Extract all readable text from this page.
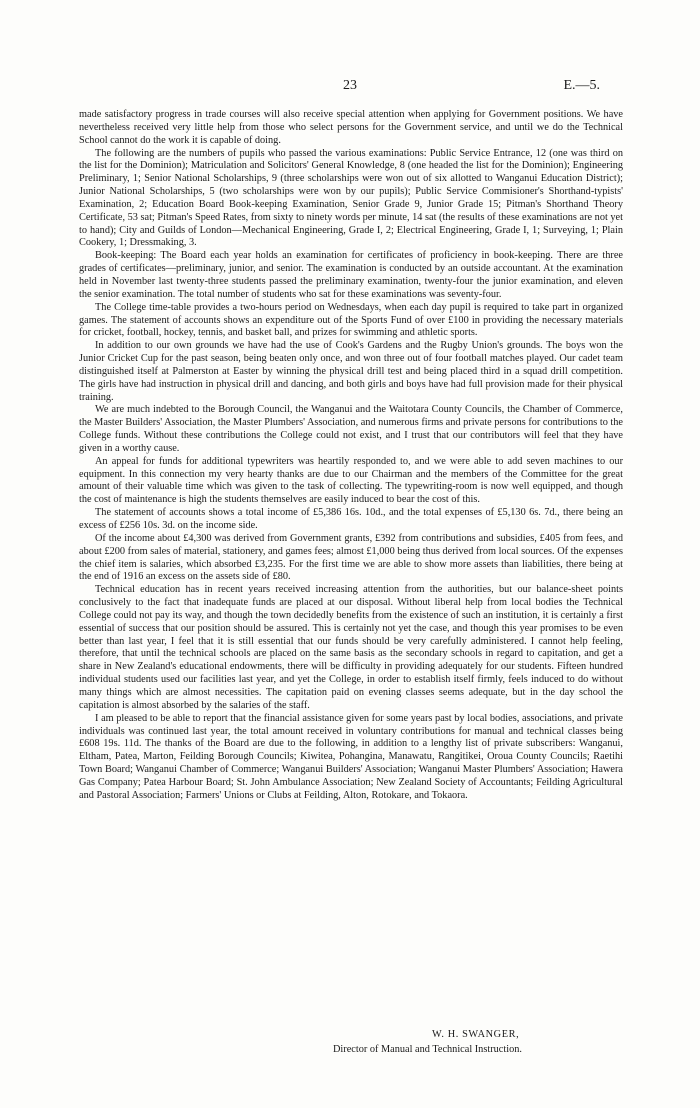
23	E.—5.

made satisfactory progress in trade courses will also receive special attention when applying for Government positions. We have nevertheless received very little help from those who select persons for the Government service, and until we do the Technical School cannot do the work it is capable of doing.

The following are the numbers of pupils who passed the various examinations: Public Service Entrance, 12 (one was third on the list for the Dominion); Matriculation and Solicitors' General Knowledge, 8 (one headed the list for the Dominion); Engineering Preliminary, 1; Senior National Scholarships, 9 (three scholarships were won out of six allotted to Wanganui Education District); Junior National Scholarships, 5 (two scholarships were won by our pupils); Public Service Commisioner's Shorthand-typists' Examination, 2; Education Board Book-keeping Examination, Senior Grade 9, Junior Grade 15; Pitman's Shorthand Theory Certificate, 53 sat; Pitman's Speed Rates, from sixty to ninety words per minute, 14 sat (the results of these examinations are not yet to hand); City and Guilds of London—Mechanical Engineering, Grade I, 2; Electrical Engineering, Grade I, 1; Surveying, 1; Plain Cookery, 1; Dressmaking, 3.

Book-keeping: The Board each year holds an examination for certificates of proficiency in book-keeping. There are three grades of certificates—preliminary, junior, and senior. The examination is conducted by an outside accountant. At the examination held in November last twenty-three students passed the preliminary examination, twenty-four the junior examination, and eleven the senior examination. The total number of students who sat for these examinations was seventy-four.

The College time-table provides a two-hours period on Wednesdays, when each day pupil is required to take part in organized games. The statement of accounts shows an expenditure out of the Sports Fund of over £100 in providing the necessary materials for cricket, football, hockey, tennis, and basket ball, and prizes for swimming and athletic sports.

In addition to our own grounds we have had the use of Cook's Gardens and the Rugby Union's grounds. The boys won the Junior Cricket Cup for the past season, being beaten only once, and won three out of four football matches played. Our cadet team distinguished itself at Palmerston at Easter by winning the physical drill test and being placed third in a squad drill competition. The girls have had instruction in physical drill and dancing, and both girls and boys have had full provision made for their physical training.

We are much indebted to the Borough Council, the Wanganui and the Waitotara County Councils, the Chamber of Commerce, the Master Builders' Association, the Master Plumbers' Association, and numerous firms and private persons for contributions to the College funds. Without these contributions the College could not exist, and I trust that our contributors will feel that they have given in a worthy cause.

An appeal for funds for additional typewriters was heartily responded to, and we were able to add seven machines to our equipment. In this connection my very hearty thanks are due to our Chairman and the members of the Committee for the great amount of their valuable time which was given to the task of collecting. The typewriting-room is now well equipped, and though the cost of maintenance is high the students themselves are easily induced to bear the cost of this.

The statement of accounts shows a total income of £5,386 16s. 10d., and the total expenses of £5,130 6s. 7d., there being an excess of £256 10s. 3d. on the income side.

Of the income about £4,300 was derived from Government grants, £392 from contributions and subsidies, £405 from fees, and about £200 from sales of material, stationery, and games fees; almost £1,000 being thus derived from local sources. Of the expenses the chief item is salaries, which absorbed £3,235. For the first time we are able to show more assets than liabilities, there being at the end of 1916 an excess on the assets side of £80.

Technical education has in recent years received increasing attention from the authorities, but our balance-sheet points conclusively to the fact that inadequate funds are placed at our disposal. Without liberal help from local bodies the Technical College could not pay its way, and though the town decidedly benefits from the existence of such an institution, it is certainly a first essential of success that our position should be assured. This is certainly not yet the case, and though this year promises to be even better than last year, I feel that it is still essential that our funds should be very carefully administered. I cannot help feeling, therefore, that until the technical schools are placed on the same basis as the secondary schools in regard to capitation, and get a share in New Zealand's educational endowments, there will be difficulty in providing adequately for our students. Fifteen hundred individual students used our facilities last year, and yet the College, in order to establish itself firmly, feels induced to do without many things which are almost necessities. The capitation paid on evening classes seems adequate, but in the day school the capitation is almost absorbed by the salaries of the staff.

I am pleased to be able to report that the financial assistance given for some years past by local bodies, associations, and private individuals was continued last year, the total amount received in voluntary contributions for manual and technical classes being £608 19s. 11d. The thanks of the Board are due to the following, in addition to a lengthy list of private subscribers: Wanganui, Eltham, Patea, Marton, Feilding Borough Councils; Kiwitea, Pohangina, Manawatu, Rangitikei, Oroua County Councils; Raetihi Town Board; Wanganui Chamber of Commerce; Wanganui Builders' Association; Wanganui Master Plumbers' Association; Hawera Gas Company; Patea Harbour Board; St. John Ambulance Association; New Zealand Society of Accountants; Feilding Agricultural and Pastoral Association; Farmers' Unions or Clubs at Feilding, Alton, Rotokare, and Tokaora.

W. H. SWANGER,
Director of Manual and Technical Instruction.
